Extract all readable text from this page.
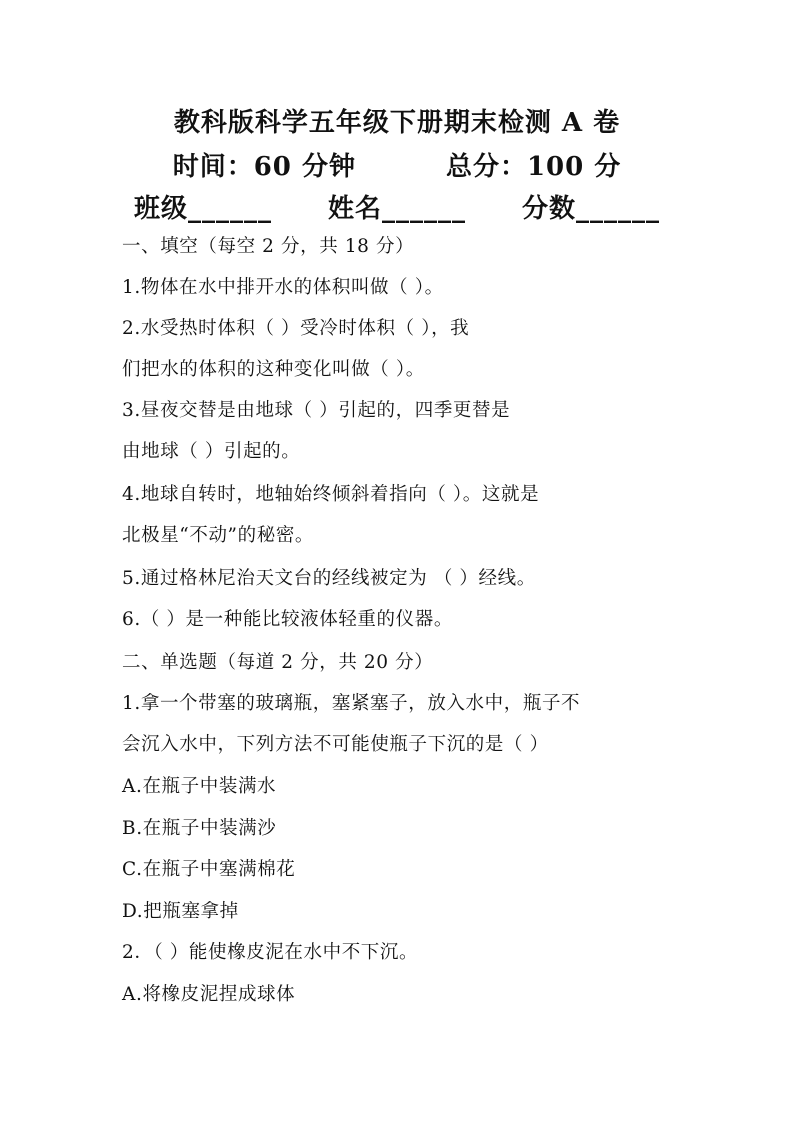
教科版科学五年级下册期末检测 A 卷
时间：60 分钟	总分：100 分
班级______ 姓名______ 分数______
一、填空（每空 2 分，共 18 分）
1.物体在水中排开水的体积叫做（ ）。
2.水受热时体积（ ）受冷时体积（ ），我
们把水的体积的这种变化叫做（ ）。
3.昼夜交替是由地球（ ）引起的，四季更替是
由地球（ ）引起的。
4.地球自转时，地轴始终倾斜着指向（ ）。这就是
北极星“不动”的秘密。
5.通过格林尼治天文台的经线被定为 （ ）经线。
6.（ ）是一种能比较液体轻重的仪器。
二、单选题（每道 2 分，共 20 分）
1.拿一个带塞的玻璃瓶，塞紧塞子，放入水中，瓶子不
会沉入水中，下列方法不可能使瓶子下沉的是（ ）
A.在瓶子中装满水
B.在瓶子中装满沙
C.在瓶子中塞满棉花
D.把瓶塞拿掉
2．（ ）能使橡皮泥在水中不下沉。
A.将橡皮泥捏成球体
